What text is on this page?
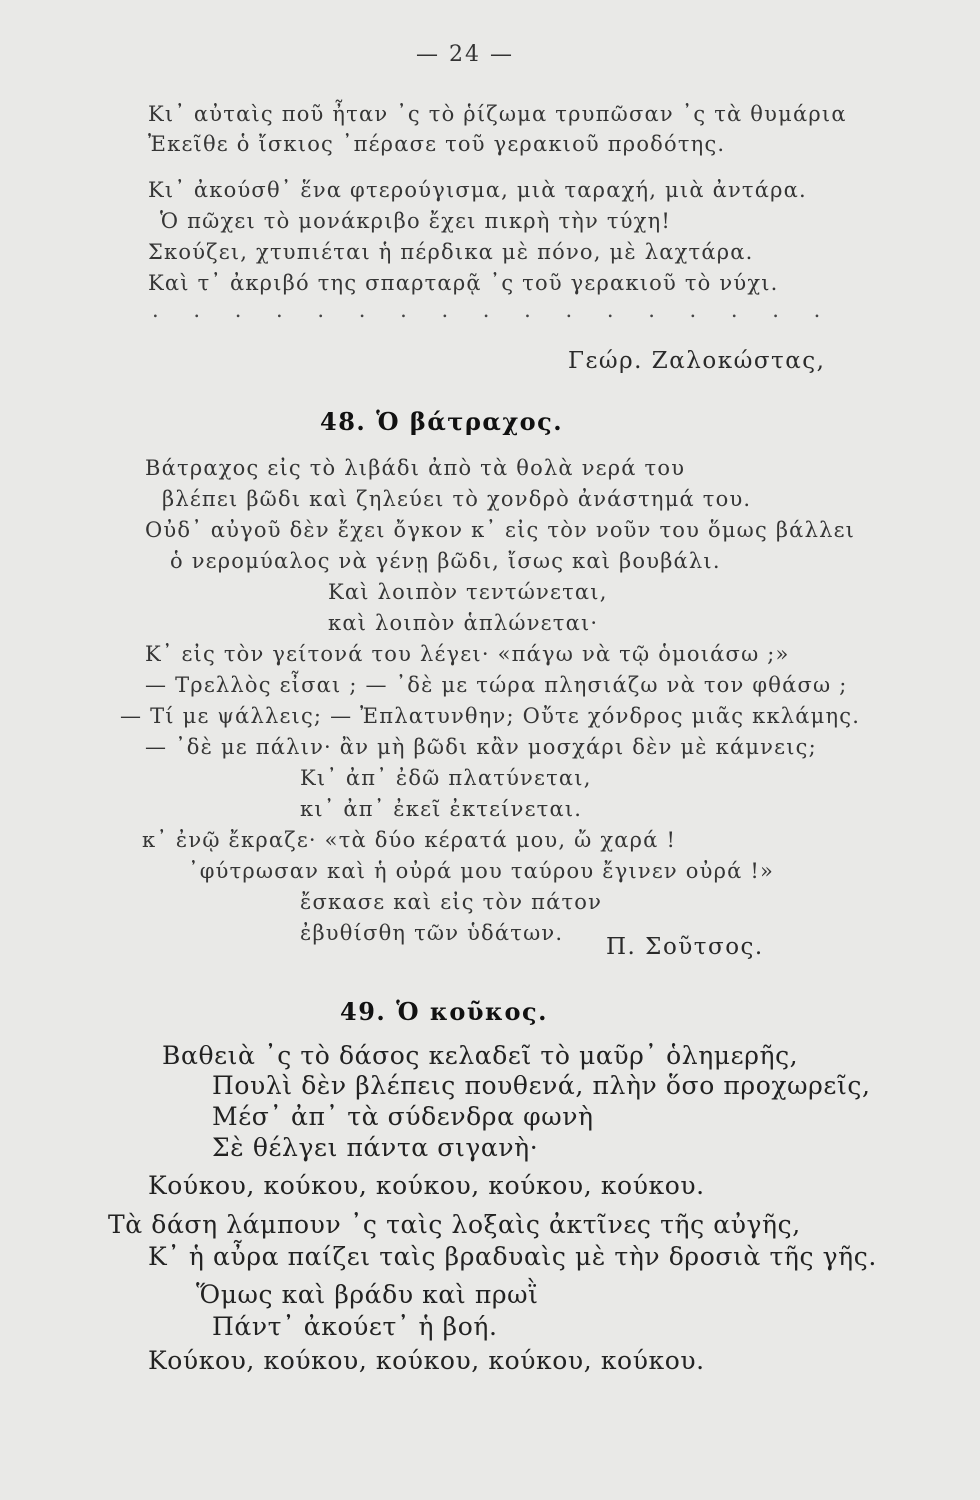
— 24 —
Κι᾽ αὐταὶς ποῦ ἦταν ᾽ς τὸ ῥίζωμα τρυπῶσαν ᾽ς τὰ θυμάρια
Ἐκεῖθε ὁ ἴσκιος ᾽πέρασε τοῦ γερακιοῦ προδότης.
Κι᾽ ἀκούσθ᾽ ἕνα φτερούγισμα, μιὰ ταραχή, μιὰ ἀντάρα.
Ὁ πῶχει τὸ μονάκριβο ἔχει πικρὴ τὴν τύχη!
Σκούζει, χτυπιέται ἡ πέρδικα μὲ πόνο, μὲ λαχτάρα.
Καὶ τ᾽ ἀκριβό της σπαρταρᾷ ᾽ς τοῦ γερακιοῦ τὸ νύχι.
. . . . . . . . . . . . . . . . .
Γεώρ. Ζαλοκώστας,
48. Ὁ βάτραχος.
Βάτραχος εἰς τὸ λιβάδι ἀπὸ τὰ θολὰ νερά του
βλέπει βῶδι καὶ ζηλεύει τὸ χονδρὸ ἀνάστημά του.
Οὐδ᾽ αὐγοῦ δὲν ἔχει ὄγκον κ᾽ εἰς τὸν νοῦν του ὅμως βάλλει
ὁ νερομύαλος νὰ γένῃ βῶδι, ἴσως καὶ βουβάλι.
Καὶ λοιπὸν τεντώνεται,
καὶ λοιπὸν ἁπλώνεται·
Κ᾽ εἰς τὸν γείτονά του λέγει· «πάγω νὰ τῷ ὁμοιάσω ;»
— Τρελλὸς εἶσαι ; — ᾽δὲ με τώρα πλησιάζω νὰ τον φθάσω ;
— Τί με ψάλλεις; — Ἐπλατυνθην; Οὔτε χόνδρος μιᾶς κκλάμης.
— ᾽δὲ με πάλιν· ἂν μὴ βῶδι κἂν μοσχάρι δὲν μὲ κάμνεις;
Κι᾽ ἀπ᾽ ἐδῶ πλατύνεται,
κι᾽ ἀπ᾽ ἐκεῖ ἐκτείνεται.
κ᾽ ἐνῷ ἔκραζε· «τὰ δύο κέρατά μου, ὤ χαρά !
᾽φύτρωσαν καὶ ἡ οὐρά μου ταύρου ἔγινεν οὐρά !»
ἔσκασε καὶ εἰς τὸν πάτον
ἐβυθίσθη τῶν ὑδάτων.
Π. Σοῦτσος.
49. Ὁ κοῦκος.
Βαθειὰ ᾽ς τὸ δάσος κελαδεῖ τὸ μαῦρ᾽ ὁλημερῆς,
Πουλὶ δὲν βλέπεις πουθενά, πλὴν ὅσο προχωρεῖς,
Μέσ᾽ ἀπ᾽ τὰ σύδενδρα φωνὴ
Σὲ θέλγει πάντα σιγανὴ·
Κούκου, κούκου, κούκου, κούκου, κούκου.
Τὰ δάση λάμπουν ᾽ς ταὶς λοξαὶς ἀκτῖνες τῆς αὐγῆς,
Κ᾽ ἡ αὖρα παίζει ταὶς βραδυαὶς μὲ τὴν δροσιὰ τῆς γῆς.
Ὅμως καὶ βράδυ καὶ πρωῒ
Πάντ᾽ ἀκούετ᾽ ἡ βοή.
Κούκου, κούκου, κούκου, κούκου, κούκου.
